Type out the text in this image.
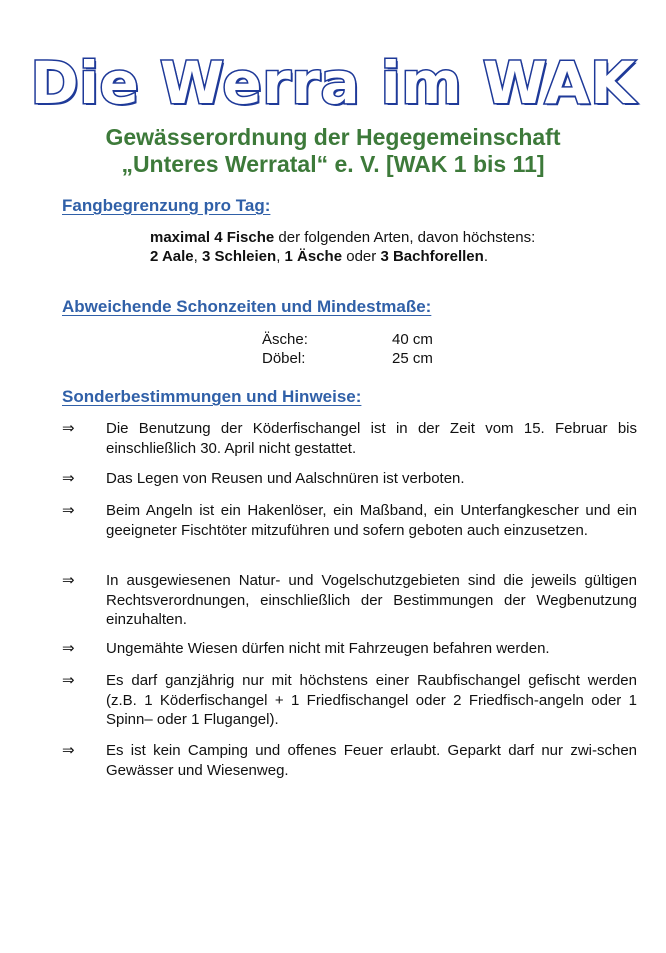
Die Werra im WAK
Gewässerordnung der Hegegemeinschaft
„Unteres Werratal“ e. V. [WAK 1 bis 11]
Fangbegrenzung pro Tag:
maximal 4 Fische der folgenden Arten, davon höchstens:
2 Aale, 3 Schleien, 1 Äsche oder 3 Bachforellen.
Abweichende Schonzeiten und Mindestmaße:
Äsche:	40 cm
Döbel:	25 cm
Sonderbestimmungen und Hinweise:
⇒ Die Benutzung der Köderfischangel ist in der Zeit vom 15. Februar bis einschließlich 30. April nicht gestattet.
⇒ Das Legen von Reusen und Aalschnüren ist verboten.
⇒ Beim Angeln ist ein Hakenlöser, ein Maßband, ein Unterfangkescher und ein geeigneter Fischtöter mitzuführen und sofern geboten auch einzusetzen.
⇒ In ausgewiesenen Natur- und Vogelschutzgebieten sind die jeweils gültigen Rechtsverordnungen, einschließlich der Bestimmungen der Wegbenutzung einzuhalten.
⇒ Ungemähte Wiesen dürfen nicht mit Fahrzeugen befahren werden.
⇒ Es darf ganzjährig nur mit höchstens einer Raubfischangel gefischt werden (z.B. 1 Köderfischangel + 1 Friedfischangel oder 2 Friedfisch-angeln oder 1 Spinn– oder 1 Flugangel).
⇒ Es ist kein Camping und offenes Feuer erlaubt. Geparkt darf nur zwi-schen Gewässer und Wiesenweg.
